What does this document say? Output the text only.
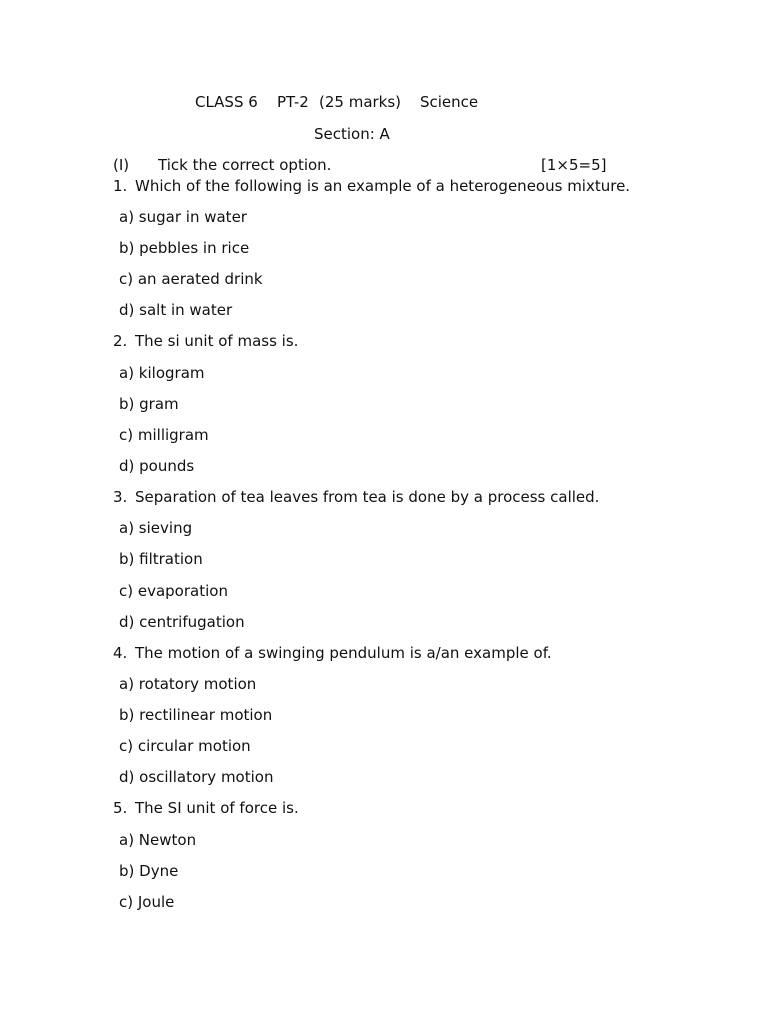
CLASS 6 PT-2 (25 marks) Science
Section: A
(I) Tick the correct option.	[1×5=5]
1. Which of the following is an example of a heterogeneous mixture.
a) sugar in water
b) pebbles in rice
c) an aerated drink
d) salt in water
2. The si unit of mass is.
a) kilogram
b) gram
c) milligram
d) pounds
3. Separation of tea leaves from tea is done by a process called.
a) sieving
b) filtration
c) evaporation
d) centrifugation
4. The motion of a swinging pendulum is a/an example of.
a) rotatory motion
b) rectilinear motion
c) circular motion
d) oscillatory motion
5. The SI unit of force is.
a) Newton
b) Dyne
c) Joule
